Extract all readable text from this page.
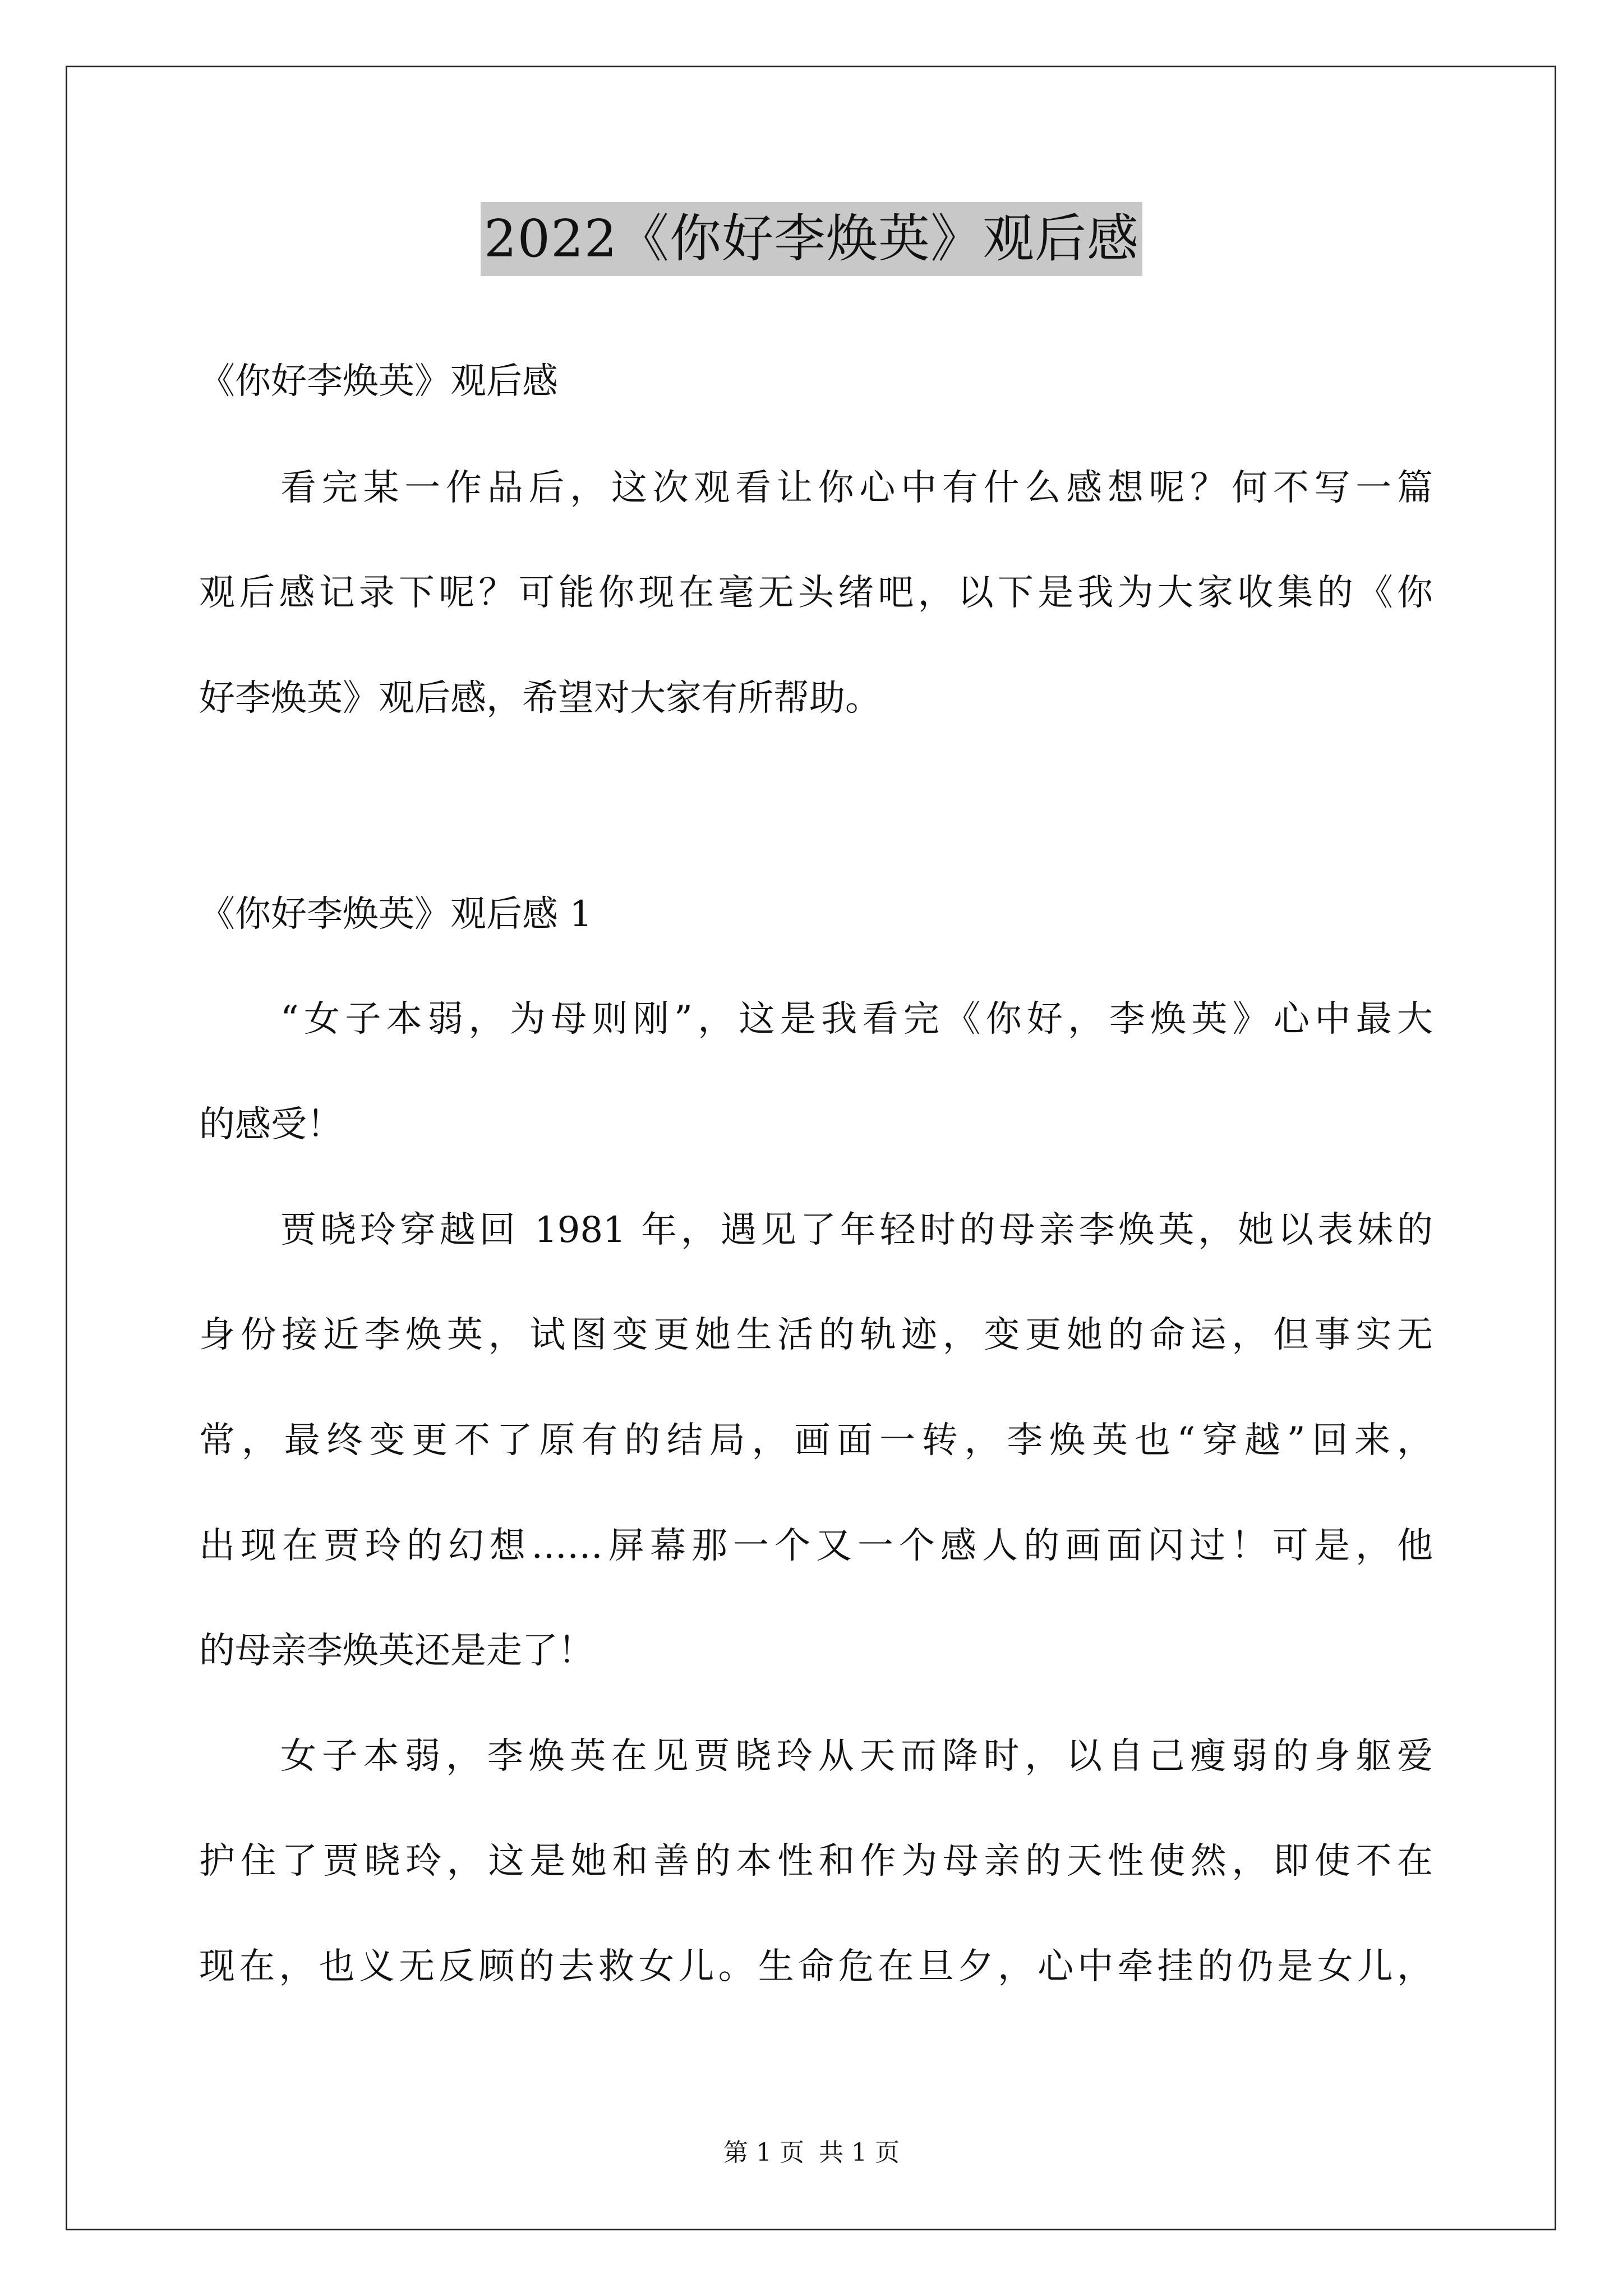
2022《你好李焕英》观后感
《你好李焕英》观后感
看完某一作品后，这次观看让你心中有什么感想呢？何不写一篇
观后感记录下呢？可能你现在毫无头绪吧，以下是我为大家收集的《你
好李焕英》观后感，希望对大家有所帮助。
《你好李焕英》观后感 1
“女子本弱，为母则刚”，这是我看完《你好，李焕英》心中最大
的感受！
贾晓玲穿越回 1981 年，遇见了年轻时的母亲李焕英，她以表妹的
身份接近李焕英，试图变更她生活的轨迹，变更她的命运，但事实无
常，最终变更不了原有的结局，画面一转，李焕英也“穿越”回来，
出现在贾玲的幻想……屏幕那一个又一个感人的画面闪过！可是，他
的母亲李焕英还是走了！
女子本弱，李焕英在见贾晓玲从天而降时，以自己瘦弱的身躯爱
护住了贾晓玲，这是她和善的本性和作为母亲的天性使然，即使不在
现在，也义无反顾的去救女儿。生命危在旦夕，心中牵挂的仍是女儿，
第 1 页 共 1 页
